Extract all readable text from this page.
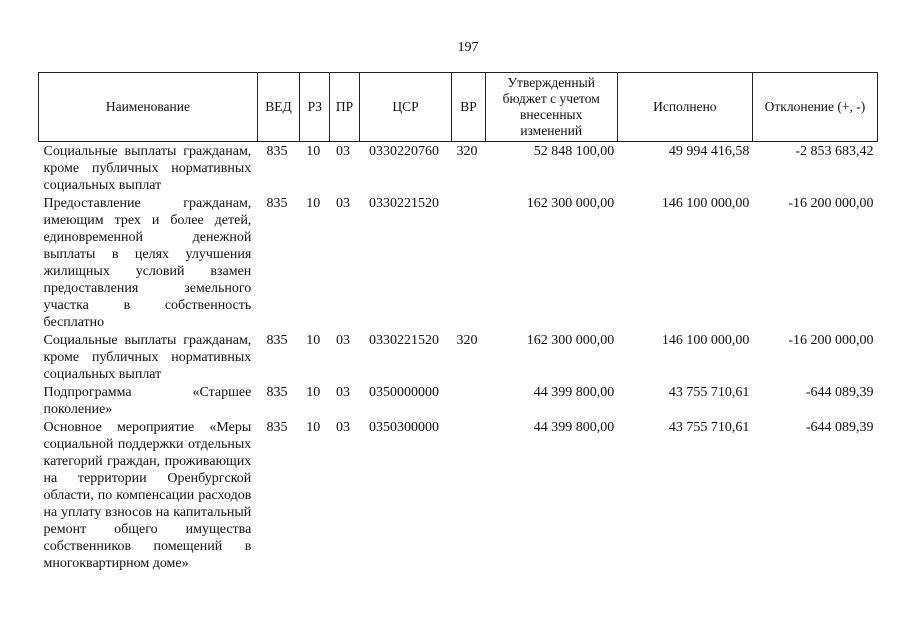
197
Наименование	ВЕД	РЗ	ПР	ЦСР	ВР	Утвержденный бюджет с учетом внесенных изменений	Исполнено	Отклонение (+, -)
Социальные выплаты гражданам, кроме публичных нормативных социальных выплат	835	10	03	0330220760	320	52 848 100,00	49 994 416,58	-2 853 683,42
Предоставление гражданам, имеющим трех и более детей, единовременной денежной выплаты в целях улучшения жилищных условий взамен предоставления земельного участка в собственность бесплатно	835	10	03	0330221520		162 300 000,00	146 100 000,00	-16 200 000,00
Социальные выплаты гражданам, кроме публичных нормативных социальных выплат	835	10	03	0330221520	320	162 300 000,00	146 100 000,00	-16 200 000,00
Подпрограмма «Старшее поколение»	835	10	03	0350000000		44 399 800,00	43 755 710,61	-644 089,39
Основное мероприятие «Меры социальной поддержки отдельных категорий граждан, проживающих на территории Оренбургской области, по компенсации расходов на уплату взносов на капитальный ремонт общего имущества собственников помещений в многоквартирном доме»	835	10	03	0350300000		44 399 800,00	43 755 710,61	-644 089,39
